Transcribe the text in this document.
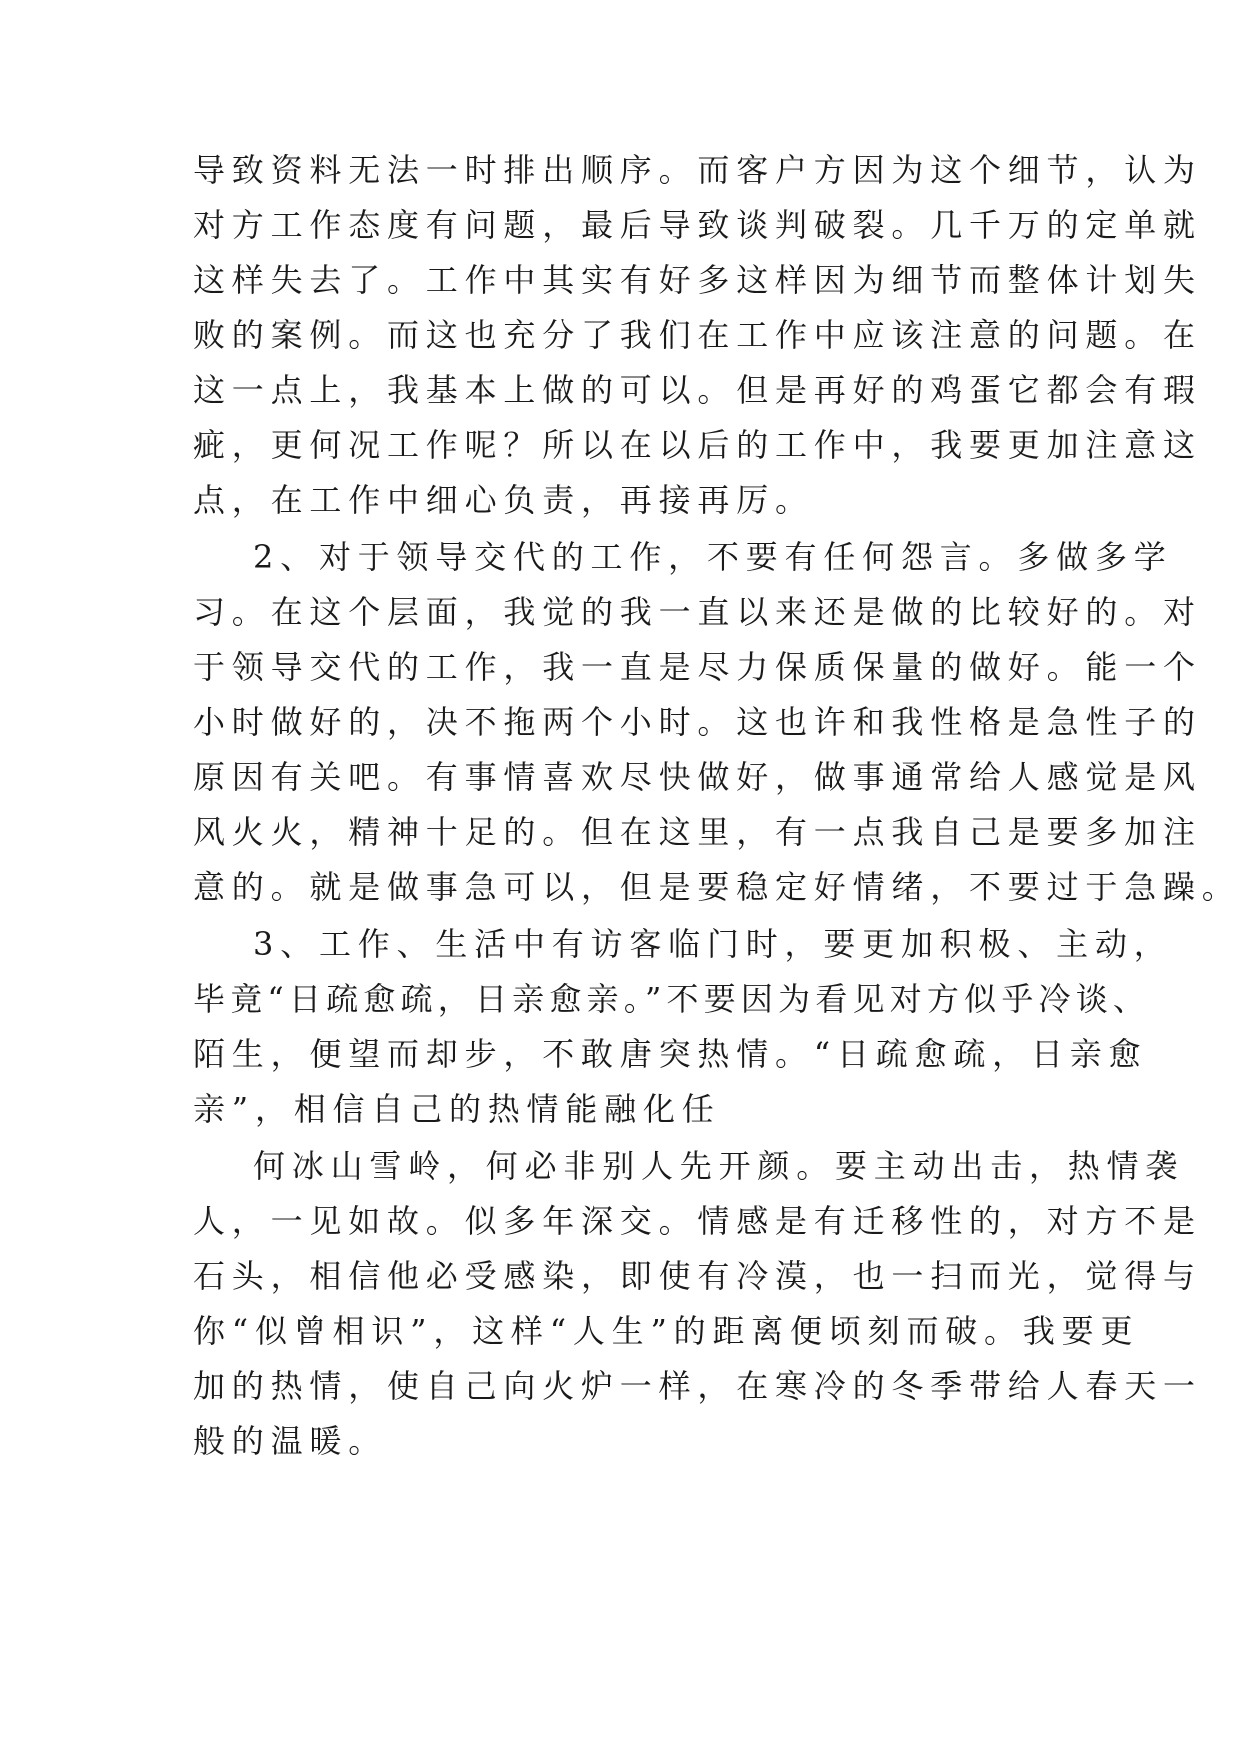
导致资料无法一时排出顺序。而客户方因为这个细节，认为
对方工作态度有问题，最后导致谈判破裂。几千万的定单就
这样失去了。工作中其实有好多这样因为细节而整体计划失
败的案例。而这也充分了我们在工作中应该注意的问题。在
这一点上，我基本上做的可以。但是再好的鸡蛋它都会有瑕
疵，更何况工作呢？所以在以后的工作中，我要更加注意这
点，在工作中细心负责，再接再厉。
2、对于领导交代的工作，不要有任何怨言。多做多学
习。在这个层面，我觉的我一直以来还是做的比较好的。对
于领导交代的工作，我一直是尽力保质保量的做好。能一个
小时做好的，决不拖两个小时。这也许和我性格是急性子的
原因有关吧。有事情喜欢尽快做好，做事通常给人感觉是风
风火火，精神十足的。但在这里，有一点我自己是要多加注
意的。就是做事急可以，但是要稳定好情绪，不要过于急躁。
3、工作、生活中有访客临门时，要更加积极、主动，
毕竟“日疏愈疏，日亲愈亲。”不要因为看见对方似乎冷谈、
陌生，便望而却步，不敢唐突热情。“日疏愈疏，日亲愈
亲”，相信自己的热情能融化任
何冰山雪岭，何必非别人先开颜。要主动出击，热情袭
人，一见如故。似多年深交。情感是有迁移性的，对方不是
石头，相信他必受感染，即使有冷漠，也一扫而光，觉得与
你“似曾相识”，这样“人生”的距离便顷刻而破。我要更
加的热情，使自己向火炉一样，在寒冷的冬季带给人春天一
般的温暖。
